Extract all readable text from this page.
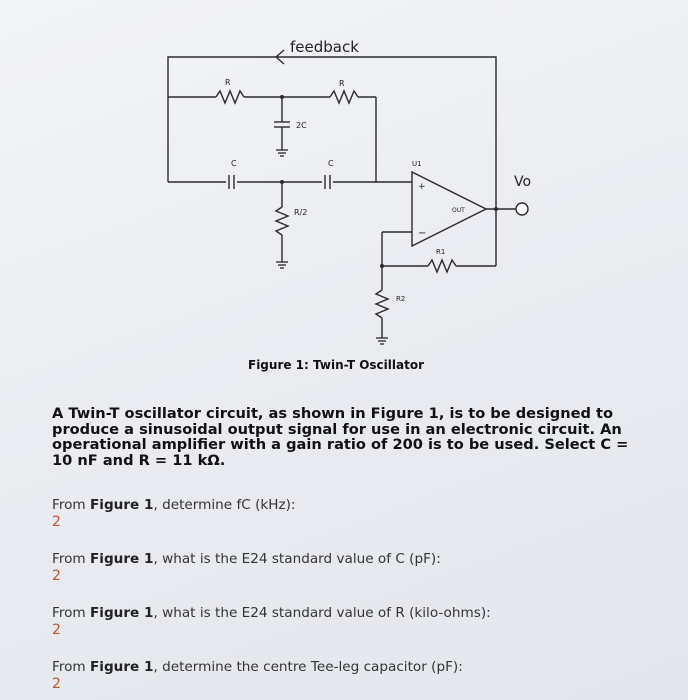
+
−
feedback
Vo
R	R
2C
C	C
R/2
U1
OUT
R1
R2
Figure 1: Twin-T Oscillator
A Twin-T oscillator circuit, as shown in Figure 1, is to be designed to produce a sinusoidal output signal for use in an electronic circuit. An operational amplifier with a gain ratio of 200 is to be used. Select C = 10 nF and R = 11 kΩ.
From Figure 1, determine fC (kHz):
2
From Figure 1, what is the E24 standard value of C (pF):
2
From Figure 1, what is the E24 standard value of R (kilo-ohms):
2
From Figure 1, determine the centre Tee-leg capacitor (pF):
2
